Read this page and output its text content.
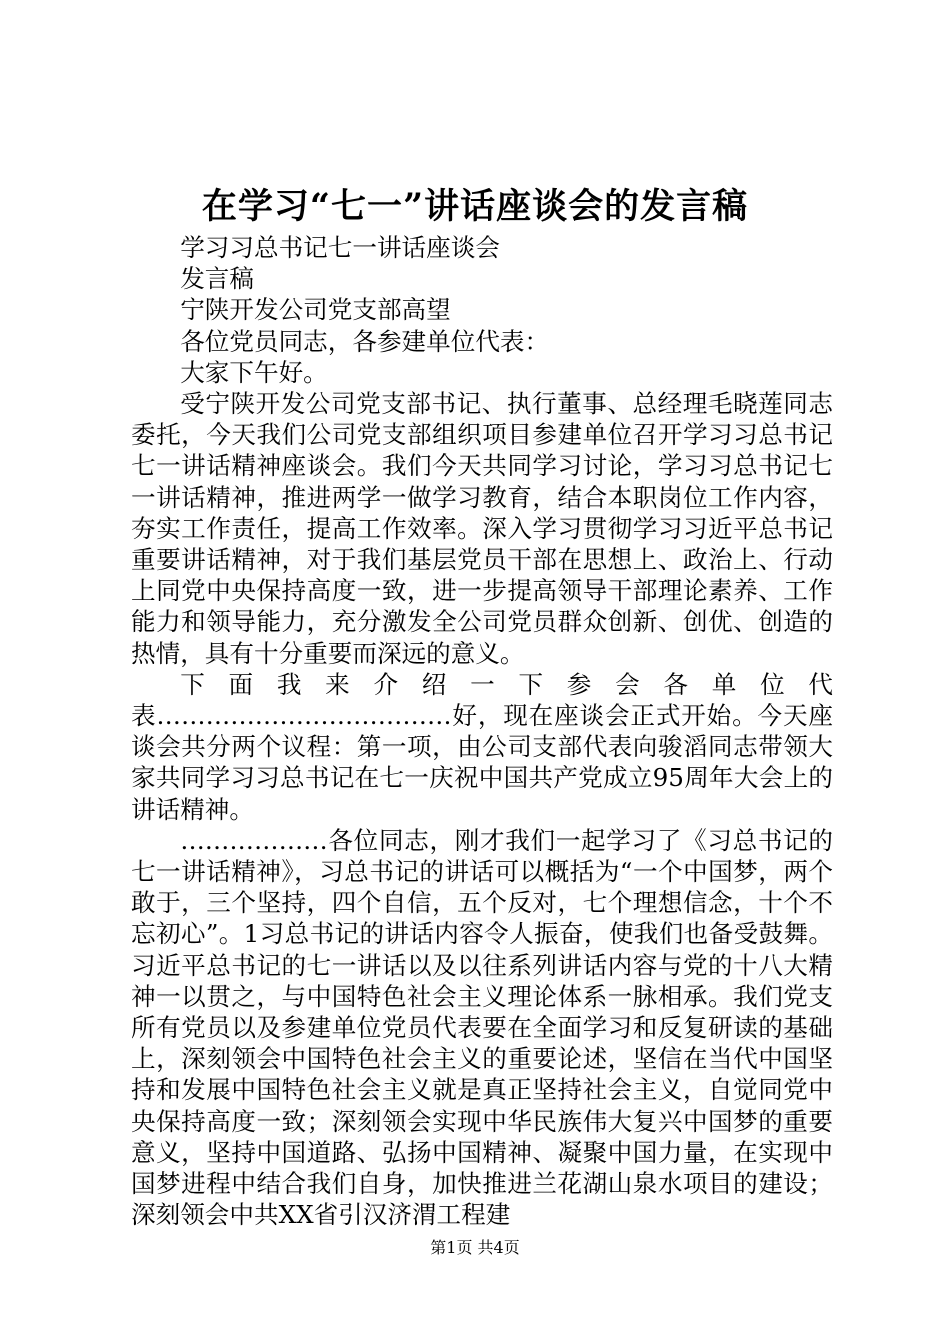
在学习“七一”讲话座谈会的发言稿

学习习总书记七一讲话座谈会

发言稿

宁陕开发公司党支部高望

各位党员同志，各参建单位代表：

大家下午好。

受宁陕开发公司党支部书记、执行董事、总经理毛晓莲同志委托，今天我们公司党支部组织项目参建单位召开学习习总书记七一讲话精神座谈会。我们今天共同学习讨论，学习习总书记七一讲话精神，推进两学一做学习教育，结合本职岗位工作内容，夯实工作责任，提高工作效率。深入学习贯彻学习习近平总书记重要讲话精神，对于我们基层党员干部在思想上、政治上、行动上同党中央保持高度一致，进一步提高领导干部理论素养、工作能力和领导能力，充分激发全公司党员群众创新、创优、创造的热情，具有十分重要而深远的意义。

下面我来介绍一下参会各单位代表………………………………好，现在座谈会正式开始。今天座谈会共分两个议程：第一项，由公司支部代表向骏滔同志带领大家共同学习习总书记在七一庆祝中国共产党成立95周年大会上的讲话精神。

………………各位同志，刚才我们一起学习了《习总书记的七一讲话精神》，习总书记的讲话可以概括为“一个中国梦，两个敢于，三个坚持，四个自信，五个反对，七个理想信念，十个不忘初心”。1习总书记的讲话内容令人振奋，使我们也备受鼓舞。习近平总书记的七一讲话以及以往系列讲话内容与党的十八大精神一以贯之，与中国特色社会主义理论体系一脉相承。我们党支所有党员以及参建单位党员代表要在全面学习和反复研读的基础上，深刻领会中国特色社会主义的重要论述，坚信在当代中国坚持和发展中国特色社会主义就是真正坚持社会主义，自觉同党中央保持高度一致；深刻领会实现中华民族伟大复兴中国梦的重要意义，坚持中国道路、弘扬中国精神、凝聚中国力量，在实现中国梦进程中结合我们自身，加快推进兰花湖山泉水项目的建设；深刻领会中共XX省引汉济渭工程建

第1页 共4页
